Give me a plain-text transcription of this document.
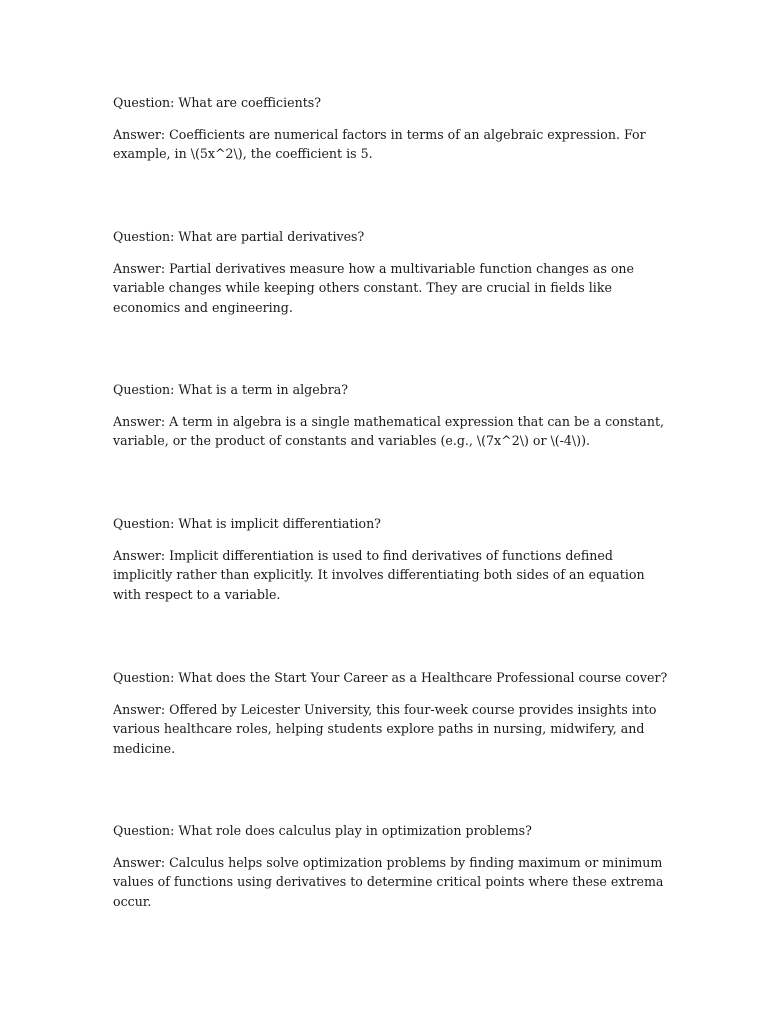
Question: What are coefficients?

Answer: Coefficients are numerical factors in terms of an algebraic expression. For example, in \(5x^2\), the coefficient is 5.

Question: What are partial derivatives?

Answer: Partial derivatives measure how a multivariable function changes as one variable changes while keeping others constant. They are crucial in fields like economics and engineering.

Question: What is a term in algebra?

Answer: A term in algebra is a single mathematical expression that can be a constant, variable, or the product of constants and variables (e.g., \(7x^2\) or \(-4\)).

Question: What is implicit differentiation?

Answer: Implicit differentiation is used to find derivatives of functions defined implicitly rather than explicitly. It involves differentiating both sides of an equation with respect to a variable.

Question: What does the Start Your Career as a Healthcare Professional course cover?

Answer: Offered by Leicester University, this four-week course provides insights into various healthcare roles, helping students explore paths in nursing, midwifery, and medicine.

Question: What role does calculus play in optimization problems?

Answer: Calculus helps solve optimization problems by finding maximum or minimum values of functions using derivatives to determine critical points where these extrema occur.
